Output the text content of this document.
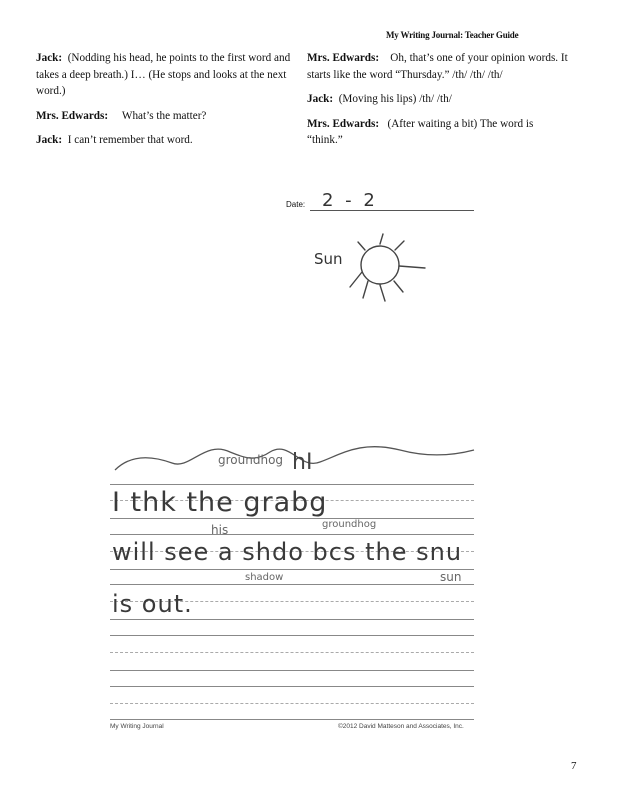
My Writing Journal: Teacher Guide

Jack: (Nodding his head, he points to the first word and takes a deep breath.) I… (He stops and looks at the next word.)

Mrs. Edwards: What’s the matter?

Jack: I can’t remember that word.

Mrs. Edwards: Oh, that’s one of your opinion words. It starts like the word “Thursday.” /th/ /th/ /th/

Jack: (Moving his lips) /th/ /th/

Mrs. Edwards: (After waiting a bit) The word is “think.”

Date: 2 - 2
Sun
groundhog hI
I thk the grabg
his	groundhog
will see a shdo bcs the snu
shadow	sun
is out.
My Writing Journal	©2012 David Matteson and Associates, Inc.
7
